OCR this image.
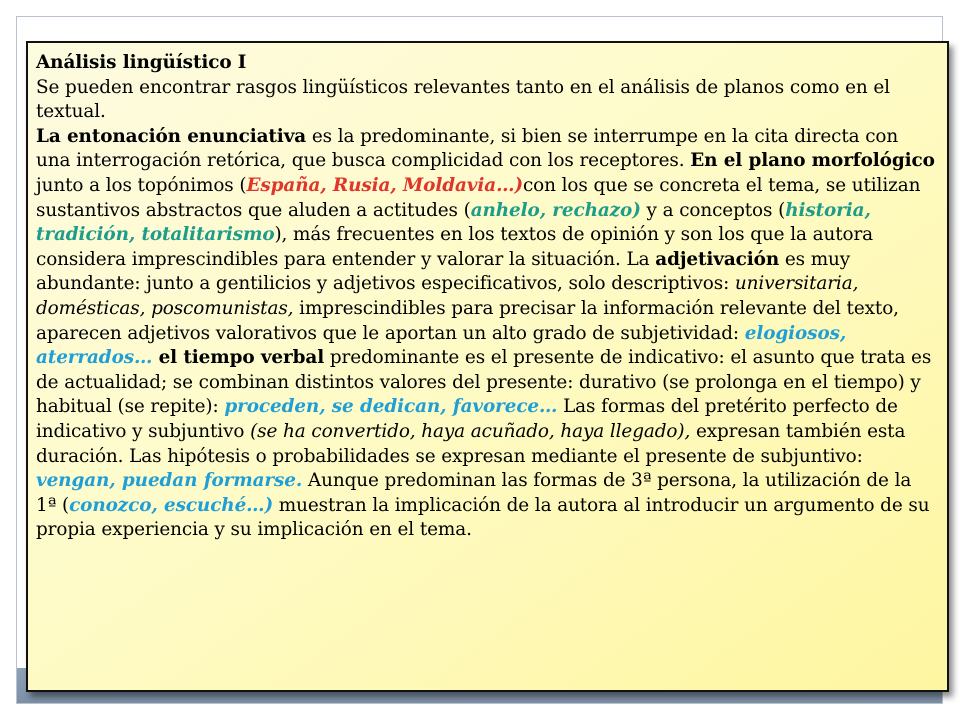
Análisis lingüístico I

Se pueden encontrar rasgos lingüísticos relevantes tanto en el análisis de planos como en el textual.

La entonación enunciativa es la predominante, si bien se interrumpe en la cita directa con una interrogación retórica, que busca complicidad con los receptores. En el plano morfológico junto a los topónimos (España, Rusia, Moldavia…)con los que se concreta el tema, se utilizan sustantivos abstractos que aluden a actitudes (anhelo, rechazo) y a conceptos (historia, tradición, totalitarismo), más frecuentes en los textos de opinión y son los que la autora considera imprescindibles para entender y valorar la situación. La adjetivación es muy abundante: junto a gentilicios y adjetivos especificativos, solo descriptivos: universitaria, domésticas, poscomunistas, imprescindibles para precisar la información relevante del texto, aparecen adjetivos valorativos que le aportan un alto grado de subjetividad: elogiosos, aterrados… el tiempo verbal predominante es el presente de indicativo: el asunto que trata es de actualidad; se combinan distintos valores del presente: durativo (se prolonga en el tiempo) y habitual (se repite): proceden, se dedican, favorece… Las formas del pretérito perfecto de indicativo y subjuntivo (se ha convertido, haya acuñado, haya llegado), expresan también esta duración. Las hipótesis o probabilidades se expresan mediante el presente de subjuntivo: vengan, puedan formarse. Aunque predominan las formas de 3ª persona, la utilización de la 1ª (conozco, escuché…) muestran la implicación de la autora al introducir un argumento de su propia experiencia y su implicación en el tema.
